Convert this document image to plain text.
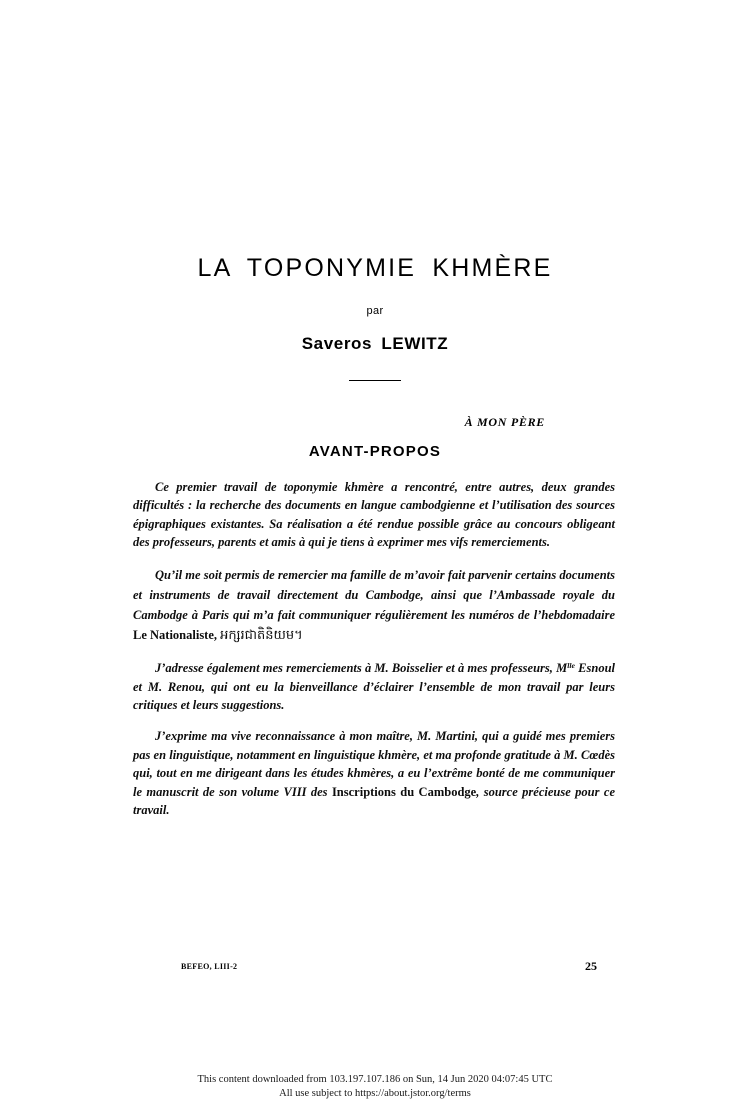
LA TOPONYMIE KHMÈRE
par
Saveros LEWITZ
À MON PÈRE
AVANT-PROPOS

Ce premier travail de toponymie khmère a rencontré, entre autres, deux grandes difficultés : la recherche des documents en langue cambodgienne et l’utilisation des sources épigraphiques existantes. Sa réalisation a été rendue possible grâce au concours obligeant des professeurs, parents et amis à qui je tiens à exprimer mes vifs remerciements.

Qu’il me soit permis de remercier ma famille de m’avoir fait parvenir certains documents et instruments de travail directement du Cambodge, ainsi que l’Ambassade royale du Cambodge à Paris qui m’a fait communiquer régulièrement les numéros de l’hebdomadaire Le Nationaliste, អក្សរជាតិនិយម។

J’adresse également mes remerciements à M. Boisselier et à mes professeurs, $M^{lle}$ Esnoul et M. Renou, qui ont eu la bienveillance d’éclairer l’ensemble de mon travail par leurs critiques et leurs suggestions.

J’exprime ma vive reconnaissance à mon maître, M. Martini, qui a guidé mes premiers pas en linguistique, notamment en linguistique khmère, et ma profonde gratitude à M. Cœdès qui, tout en me dirigeant dans les études khmères, a eu l’extrême bonté de me communiquer le manuscrit de son volume VIII des Inscriptions du Cambodge, source précieuse pour ce travail.

BEFEO, LIII-2	25
This content downloaded from 103.197.107.186 on Sun, 14 Jun 2020 04:07:45 UTC
All use subject to https://about.jstor.org/terms
